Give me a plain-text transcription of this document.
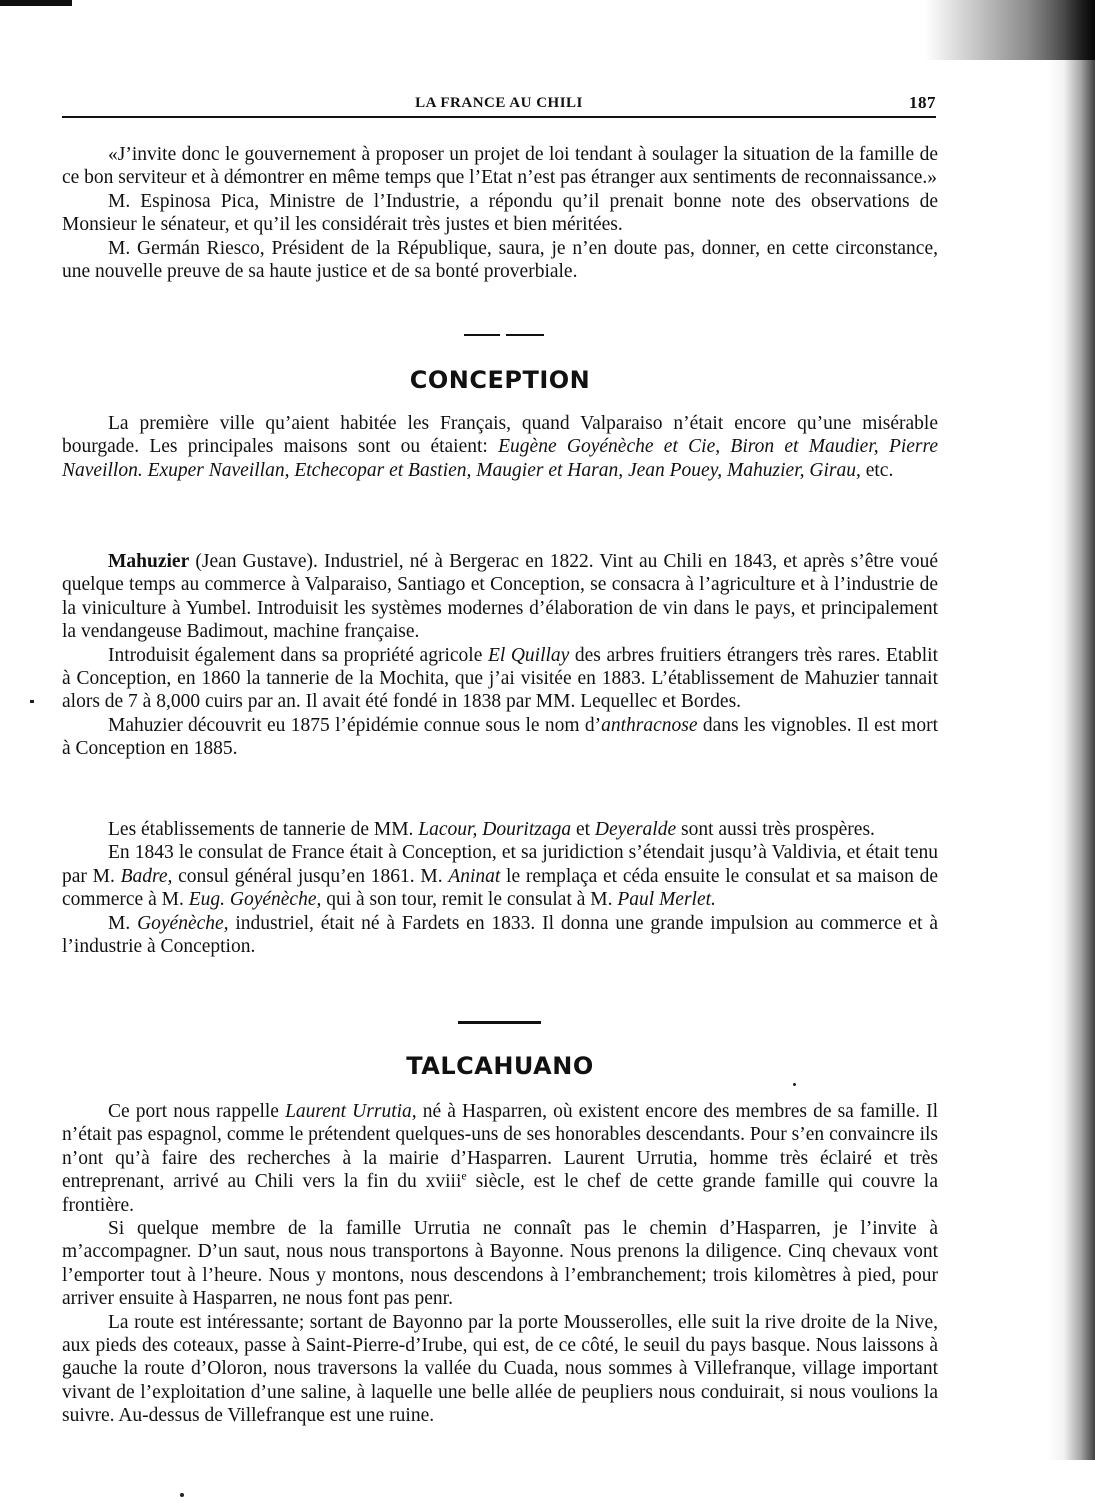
LA FRANCE AU CHILI	187

«J’invite donc le gouvernement à proposer un projet de loi tendant à soulager la situation de la famille de ce bon serviteur et à démontrer en même temps que l’Etat n’est pas étranger aux sentiments de reconnaissance.»

M. Espinosa Pica, Ministre de l’Industrie, a répondu qu’il prenait bonne note des observations de Monsieur le sénateur, et qu’il les considérait très justes et bien méritées.

M. Germán Riesco, Président de la République, saura, je n’en doute pas, donner, en cette circonstance, une nouvelle preuve de sa haute justice et de sa bonté proverbiale.

CONCEPTION

La première ville qu’aient habitée les Français, quand Valparaiso n’était encore qu’une misérable bourgade. Les principales maisons sont ou étaient: Eugène Goyénèche et Cie, Biron et Maudier, Pierre Naveillon. Exuper Naveillan, Etchecopar et Bastien, Maugier et Haran, Jean Pouey, Mahuzier, Girau, etc.

Mahuzier (Jean Gustave). Industriel, né à Bergerac en 1822. Vint au Chili en 1843, et après s’être voué quelque temps au commerce à Valparaiso, Santiago et Conception, se consacra à l’agriculture et à l’industrie de la viniculture à Yumbel. Introduisit les systèmes modernes d’élaboration de vin dans le pays, et principalement la vendangeuse Badimout, machine française.

Introduisit également dans sa propriété agricole El Quillay des arbres fruitiers étrangers très rares. Etablit à Conception, en 1860 la tannerie de la Mochita, que j’ai visitée en 1883. L’établissement de Mahuzier tannait alors de 7 à 8,000 cuirs par an. Il avait été fondé in 1838 par MM. Lequellec et Bordes.

Mahuzier découvrit eu 1875 l’épidémie connue sous le nom d’anthracnose dans les vignobles. Il est mort à Conception en 1885.

Les établissements de tannerie de MM. Lacour, Douritzaga et Deyeralde sont aussi très prospères.

En 1843 le consulat de France était à Conception, et sa juridiction s’étendait jusqu’à Valdivia, et était tenu par M. Badre, consul général jusqu’en 1861. M. Aninat le remplaça et céda ensuite le consulat et sa maison de commerce à M. Eug. Goyénèche, qui à son tour, remit le consulat à M. Paul Merlet.

M. Goyénèche, industriel, était né à Fardets en 1833. Il donna une grande impulsion au commerce et à l’industrie à Conception.

TALCAHUANO

Ce port nous rappelle Laurent Urrutia, né à Hasparren, où existent encore des membres de sa famille. Il n’était pas espagnol, comme le prétendent quelques-uns de ses honorables descendants. Pour s’en convaincre ils n’ont qu’à faire des recherches à la mairie d’Hasparren. Laurent Urrutia, homme très éclairé et très entreprenant, arrivé au Chili vers la fin du xviii$^e$ siècle, est le chef de cette grande famille qui couvre la frontière.

Si quelque membre de la famille Urrutia ne connaît pas le chemin d’Hasparren, je l’invite à m’accompagner. D’un saut, nous nous transportons à Bayonne. Nous prenons la diligence. Cinq chevaux vont l’emporter tout à l’heure. Nous y montons, nous descendons à l’embranchement; trois kilomètres à pied, pour arriver ensuite à Hasparren, ne nous font pas penr.

La route est intéressante; sortant de Bayonno par la porte Mousserolles, elle suit la rive droite de la Nive, aux pieds des coteaux, passe à Saint-Pierre-d’Irube, qui est, de ce côté, le seuil du pays basque. Nous laissons à gauche la route d’Oloron, nous traversons la vallée du Cuada, nous sommes à Villefranque, village important vivant de l’exploitation d’une saline, à laquelle une belle allée de peupliers nous conduirait, si nous voulions la suivre. Au-dessus de Villefranque est une ruine.
